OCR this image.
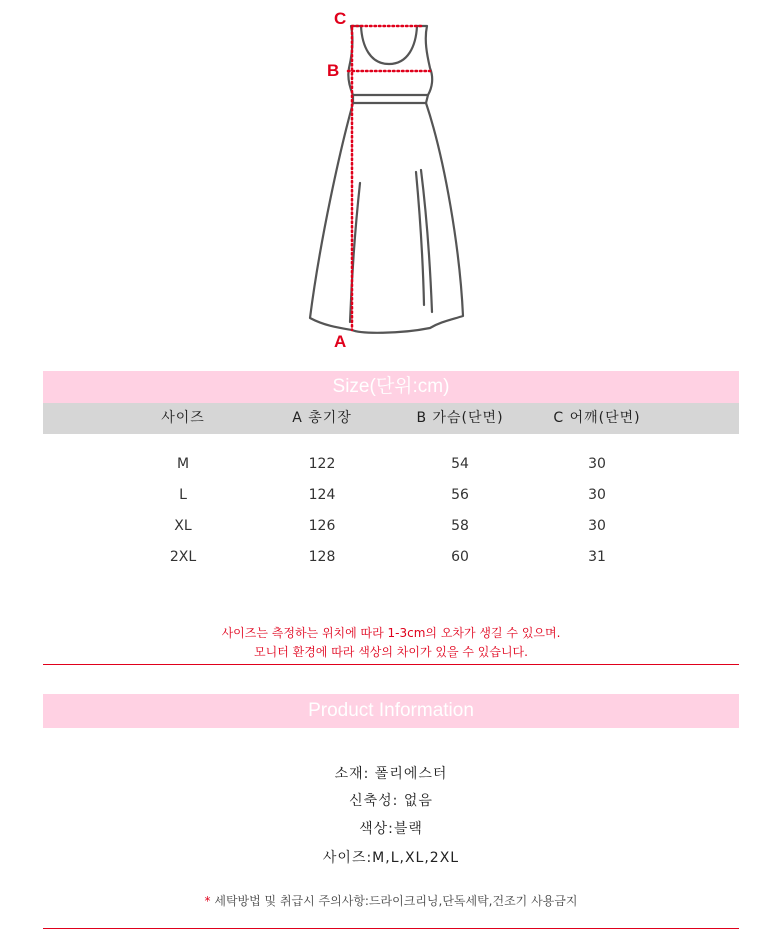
C
B
A
Size(단위:cm)
사이즈	A 총기장	B 가슴(단면)	C 어깨(단면)
M	122	54	30
L	124	56	30
XL	126	58	30
2XL	128	60	31
사이즈는 측정하는 위치에 따라 1-3cm의 오차가 생길 수 있으며.
모니터 환경에 따라 색상의 차이가 있을 수 있습니다.
Product Information
소재: 폴리에스터
신축성: 없음
색상:블랙
사이즈:M,L,XL,2XL
* 세탁방법 및 취급시 주의사항:드라이크리닝,단독세탁,건조기 사용금지
